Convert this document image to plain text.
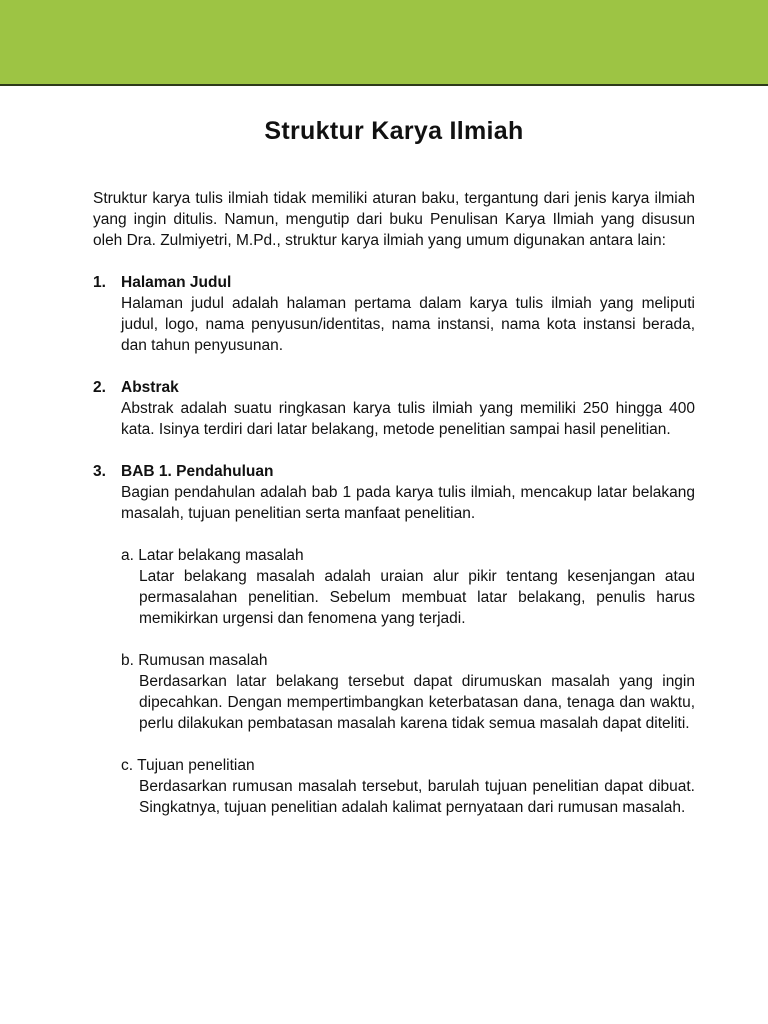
Struktur Karya Ilmiah

Struktur karya tulis ilmiah tidak memiliki aturan baku, tergantung dari jenis karya ilmiah yang ingin ditulis. Namun, mengutip dari buku Penulisan Karya Ilmiah yang disusun oleh Dra. Zulmiyetri, M.Pd., struktur karya ilmiah yang umum digunakan antara lain:

1. Halaman Judul

Halaman judul adalah halaman pertama dalam karya tulis ilmiah yang meliputi judul, logo, nama penyusun/identitas, nama instansi, nama kota instansi berada, dan tahun penyusunan.

2. Abstrak

Abstrak adalah suatu ringkasan karya tulis ilmiah yang memiliki 250 hingga 400 kata. Isinya terdiri dari latar belakang, metode penelitian sampai hasil penelitian.

3. BAB 1. Pendahuluan

Bagian pendahulan adalah bab 1 pada karya tulis ilmiah, mencakup latar belakang masalah, tujuan penelitian serta manfaat penelitian.

a. Latar belakang masalah

Latar belakang masalah adalah uraian alur pikir tentang kesenjangan atau permasalahan penelitian. Sebelum membuat latar belakang, penulis harus memikirkan urgensi dan fenomena yang terjadi.

b. Rumusan masalah

Berdasarkan latar belakang tersebut dapat dirumuskan masalah yang ingin dipecahkan. Dengan mempertimbangkan keterbatasan dana, tenaga dan waktu, perlu dilakukan pembatasan masalah karena tidak semua masalah dapat diteliti.

c. Tujuan penelitian

Berdasarkan rumusan masalah tersebut, barulah tujuan penelitian dapat dibuat. Singkatnya, tujuan penelitian adalah kalimat pernyataan dari rumusan masalah.
